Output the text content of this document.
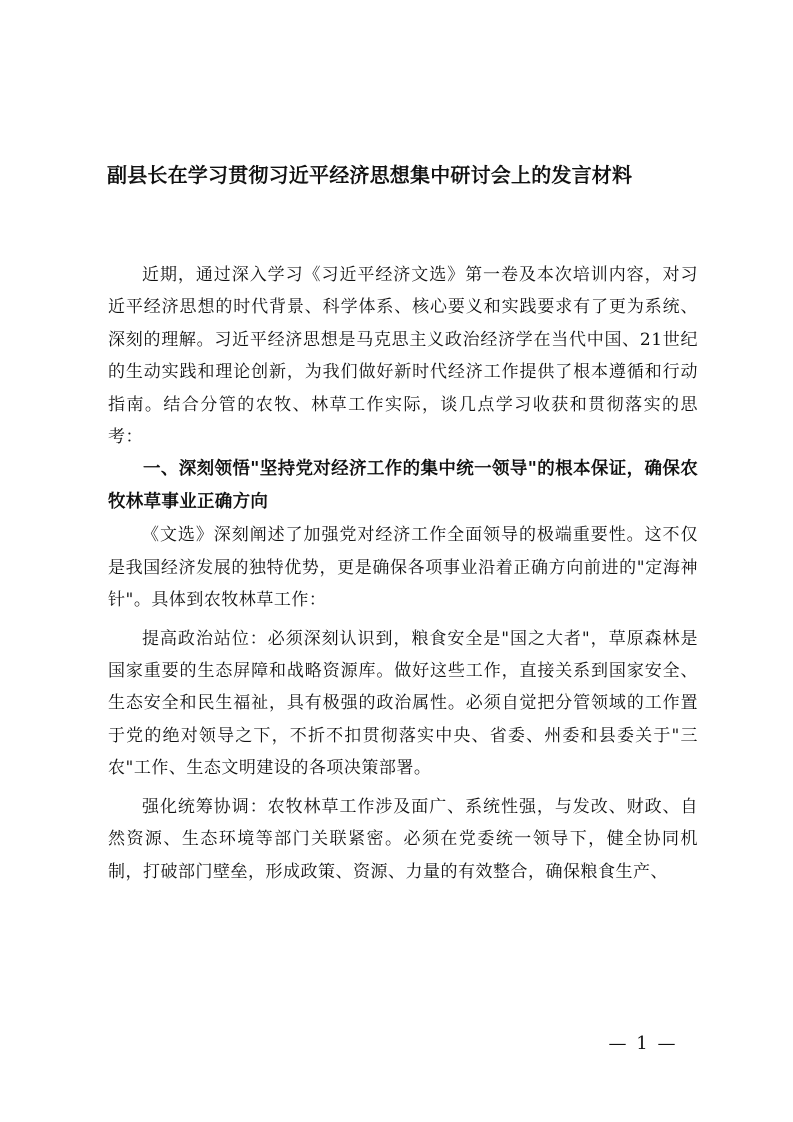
副县长在学习贯彻习近平经济思想集中研讨会上的发言材料

近期，通过深入学习《习近平经济文选》第一卷及本次培训内容，对习近平经济思想的时代背景、科学体系、核心要义和实践要求有了更为系统、深刻的理解。习近平经济思想是马克思主义政治经济学在当代中国、21世纪的生动实践和理论创新，为我们做好新时代经济工作提供了根本遵循和行动指南。结合分管的农牧、林草工作实际，谈几点学习收获和贯彻落实的思考：

一、深刻领悟"坚持党对经济工作的集中统一领导"的根本保证，确保农牧林草事业正确方向

《文选》深刻阐述了加强党对经济工作全面领导的极端重要性。这不仅是我国经济发展的独特优势，更是确保各项事业沿着正确方向前进的"定海神针"。具体到农牧林草工作：

提高政治站位：必须深刻认识到，粮食安全是"国之大者"，草原森林是国家重要的生态屏障和战略资源库。做好这些工作，直接关系到国家安全、生态安全和民生福祉，具有极强的政治属性。必须自觉把分管领域的工作置于党的绝对领导之下，不折不扣贯彻落实中央、省委、州委和县委关于"三农"工作、生态文明建设的各项决策部署。

强化统筹协调：农牧林草工作涉及面广、系统性强，与发改、财政、自然资源、生态环境等部门关联紧密。必须在党委统一领导下，健全协同机制，打破部门壁垒，形成政策、资源、力量的有效整合，确保粮食生产、

— 1 —
